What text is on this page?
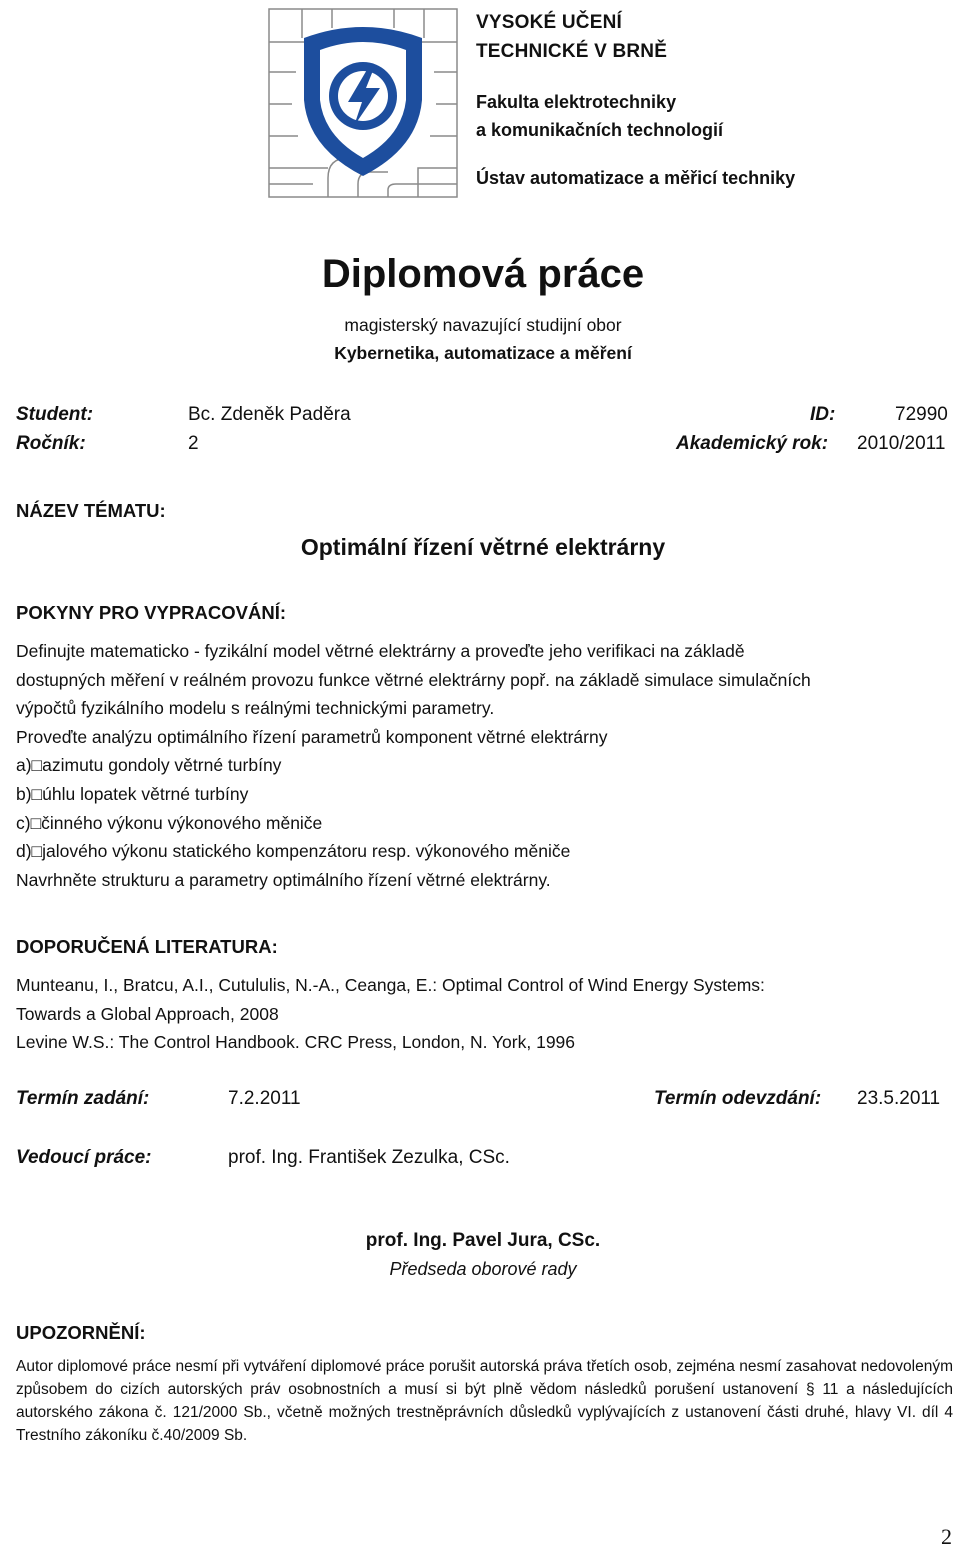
VYSOKÉ UČENÍ
TECHNICKÉ V BRNĚ
Fakulta elektrotechniky
a komunikačních technologií
Ústav automatizace a měřicí techniky
Diplomová práce
magisterský navazující studijní obor
Kybernetika, automatizace a měření
Student:	Bc. Zdeněk Paděra	ID:	72990
Ročník:	2	Akademický rok: 2010/2011
NÁZEV TÉMATU:
Optimální řízení větrné elektrárny
POKYNY PRO VYPRACOVÁNÍ:
Definujte matematicko - fyzikální model větrné elektrárny a proveďte jeho verifikaci na základě
dostupných měření v reálném provozu funkce větrné elektrárny popř. na základě simulace simulačních
výpočtů fyzikálního modelu s reálnými technickými parametry.
Proveďte analýzu optimálního řízení parametrů komponent větrné elektrárny
a)□azimutu gondoly větrné turbíny
b)□úhlu lopatek větrné turbíny
c)□činného výkonu výkonového měniče
d)□jalového výkonu statického kompenzátoru resp. výkonového měniče
Navrhněte strukturu a parametry optimálního řízení větrné elektrárny.
DOPORUČENÁ LITERATURA:
Munteanu, I., Bratcu, A.I., Cutululis, N.-A., Ceanga, E.: Optimal Control of Wind Energy Systems:
Towards a Global Approach, 2008
Levine W.S.: The Control Handbook. CRC Press, London, N. York, 1996
Termín zadání:	7.2.2011	Termín odevzdání: 23.5.2011
Vedoucí práce:	prof. Ing. František Zezulka, CSc.
prof. Ing. Pavel Jura, CSc.
Předseda oborové rady
UPOZORNĚNÍ:
Autor diplomové práce nesmí při vytváření diplomové práce porušit autorská práva třetích osob, zejména nesmí zasahovat nedovoleným způsobem do cizích autorských práv osobnostních a musí si být plně vědom následků porušení ustanovení § 11 a následujících autorského zákona č. 121/2000 Sb., včetně možných trestněprávních důsledků vyplývajících z ustanovení části druhé, hlavy VI. díl 4 Trestního zákoníku č.40/2009 Sb.
2
